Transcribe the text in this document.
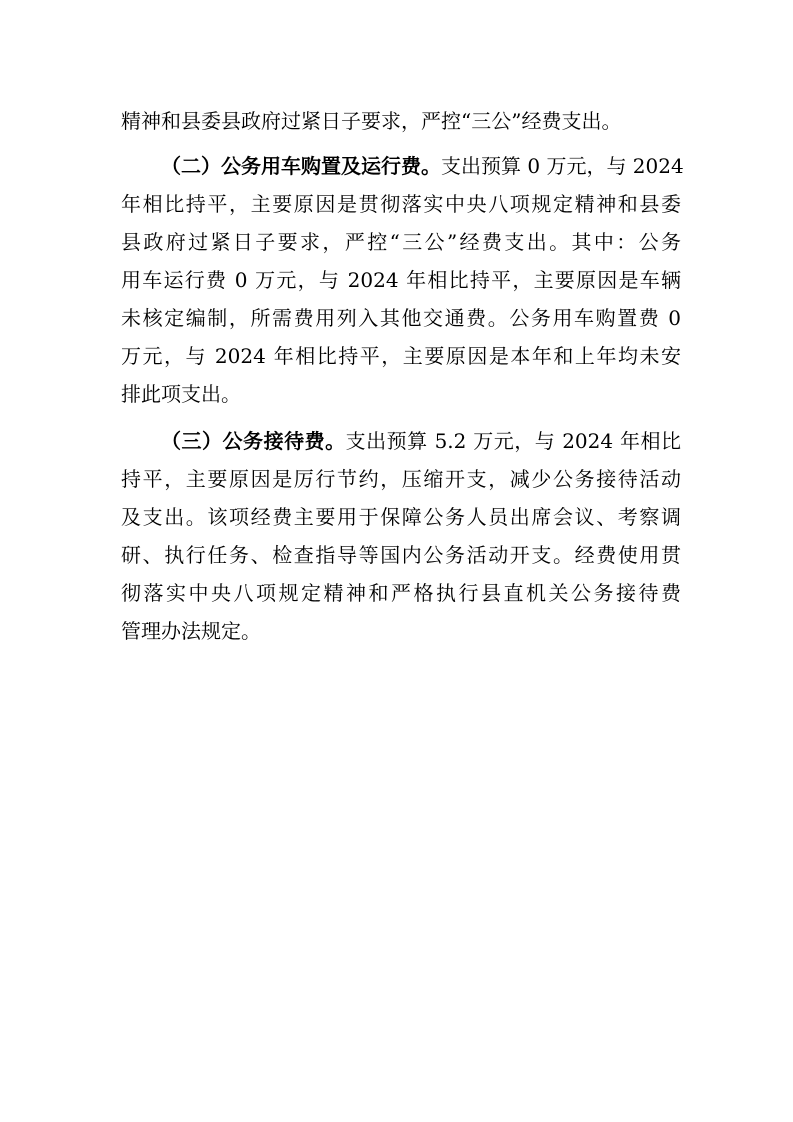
精神和县委县政府过紧日子要求，严控“三公”经费支出。
（二）公务用车购置及运行费。支出预算 0 万元，与 2024
年相比持平，主要原因是贯彻落实中央八项规定精神和县委
县政府过紧日子要求，严控“三公”经费支出。其中：公务
用车运行费 0 万元，与 2024 年相比持平，主要原因是车辆
未核定编制，所需费用列入其他交通费。公务用车购置费 0
万元，与 2024 年相比持平，主要原因是本年和上年均未安
排此项支出。
（三）公务接待费。支出预算 5.2 万元，与 2024 年相比
持平，主要原因是厉行节约，压缩开支，减少公务接待活动
及支出。该项经费主要用于保障公务人员出席会议、考察调
研、执行任务、检查指导等国内公务活动开支。经费使用贯
彻落实中央八项规定精神和严格执行县直机关公务接待费
管理办法规定。
